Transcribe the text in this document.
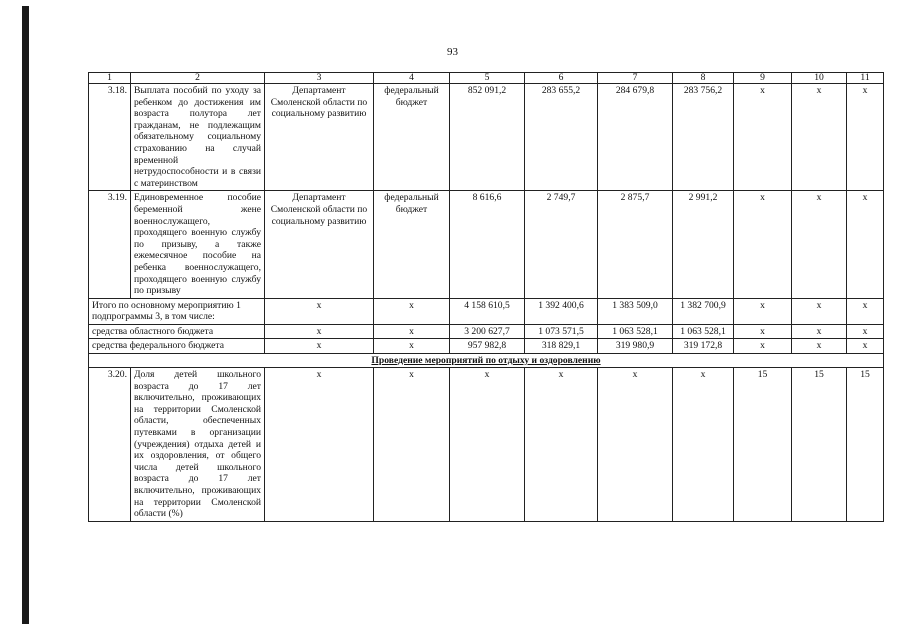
93
1	2	3	4	5	6	7	8	9	10	11
3.18.	Выплата пособий по уходу за ребенком до достижения им возраста полутора лет гражданам, не подлежащим обязательному социальному страхованию на случай временной нетрудоспособности и в связи с материнством	Департамент Смоленской области по социальному развитию	федеральный бюджет	852 091,2	283 655,2	284 679,8	283 756,2	x	x	x
3.19.	Единовременное пособие беременной жене военнослужащего, проходящего военную службу по призыву, а также ежемесячное пособие на ребенка военнослужащего, проходящего военную службу по призыву	Департамент Смоленской области по социальному развитию	федеральный бюджет	8 616,6	2 749,7	2 875,7	2 991,2	x	x	x
Итого по основному мероприятию 1 подпрограммы 3, в том числе:		x	x	4 158 610,5	1 392 400,6	1 383 509,0	1 382 700,9	x	x	x
средства областного бюджета		x	x	3 200 627,7	1 073 571,5	1 063 528,1	1 063 528,1	x	x	x
средства федерального бюджета		x	x	957 982,8	318 829,1	319 980,9	319 172,8	x	x	x
Проведение мероприятий по отдыху и оздоровлению										
3.20.	Доля детей школьного возраста до 17 лет включительно, проживающих на территории Смоленской области, обеспеченных путевками в организации (учреждения) отдыха детей и их оздоровления, от общего числа детей школьного возраста до 17 лет включительно, проживающих на территории Смоленской области (%)	x	x	x	x	x	x	15	15	15
